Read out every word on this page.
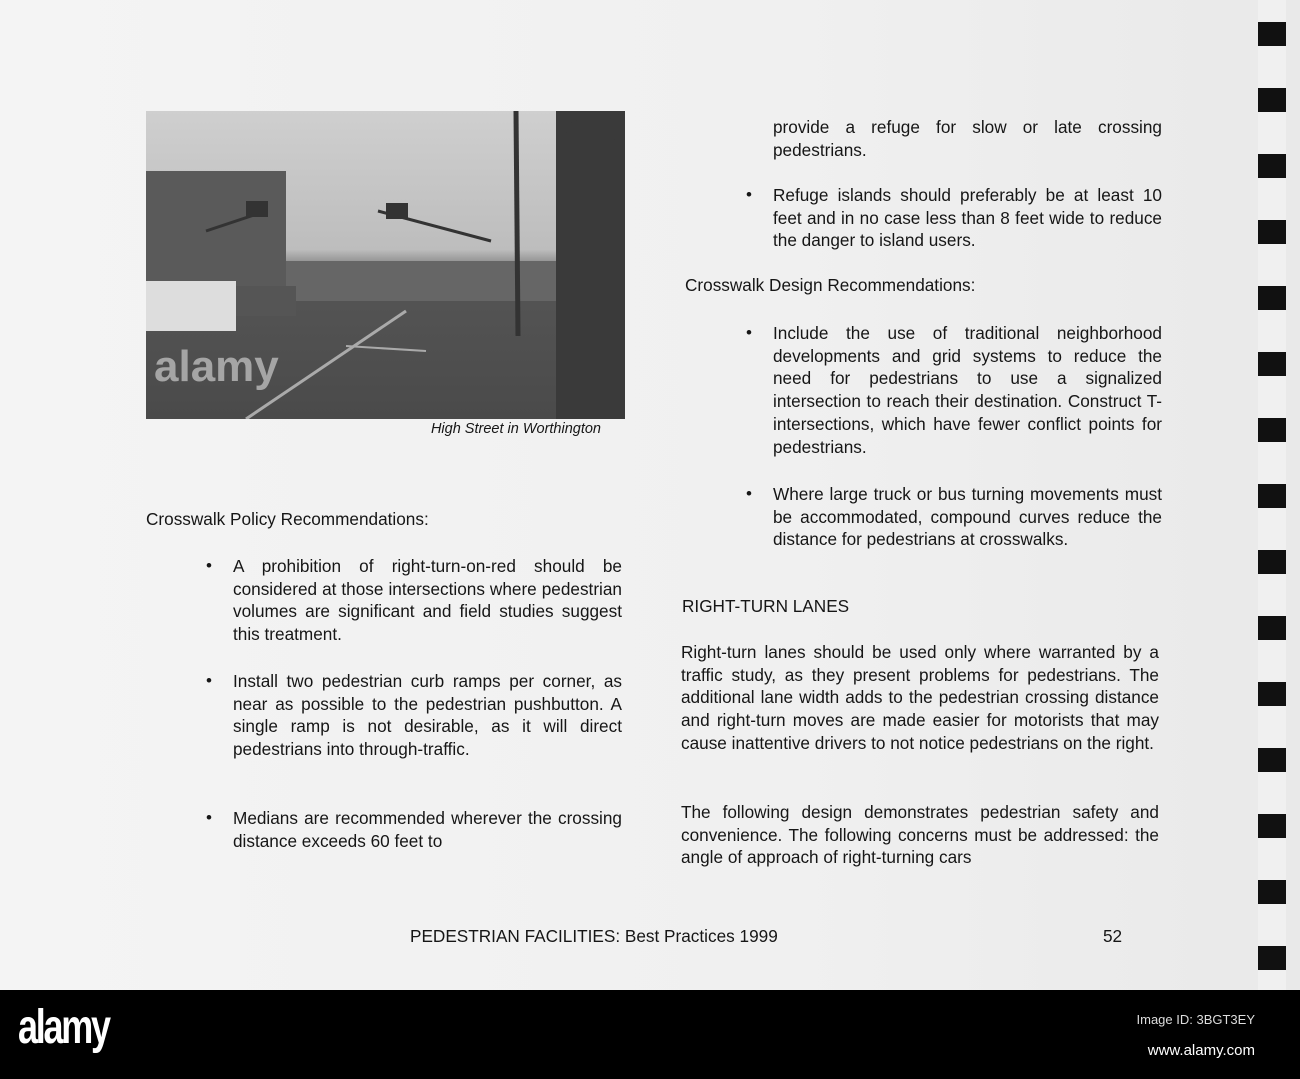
alamy
High Street in Worthington
Crosswalk Policy Recommendations:
• A prohibition of right-turn-on-red should be considered at those intersections where pedestrian volumes are significant and field studies suggest this treatment.

• Install two pedestrian curb ramps per corner, as near as possible to the pedestrian pushbutton. A single ramp is not desirable, as it will direct pedestrians into through-traffic.

• Medians are recommended wherever the crossing distance exceeds 60 feet to

provide a refuge for slow or late crossing pedestrians.
• Refuge islands should preferably be at least 10 feet and in no case less than 8 feet wide to reduce the danger to island users.

Crosswalk Design Recommendations:
• Include the use of traditional neighborhood developments and grid systems to reduce the need for pedestrians to use a signalized intersection to reach their destination. Construct T-intersections, which have fewer conflict points for pedestrians.

• Where large truck or bus turning movements must be accommodated, compound curves reduce the distance for pedestrians at crosswalks.

RIGHT-TURN LANES
Right-turn lanes should be used only where warranted by a traffic study, as they present problems for pedestrians. The additional lane width adds to the pedestrian crossing distance and right-turn moves are made easier for motorists that may cause inattentive drivers to not notice pedestrians on the right.
The following design demonstrates pedestrian safety and convenience. The following concerns must be addressed: the angle of approach of right-turning cars
PEDESTRIAN FACILITIES: Best Practices 1999	52
alamy	Image ID: 3BGT3EY
www.alamy.com
